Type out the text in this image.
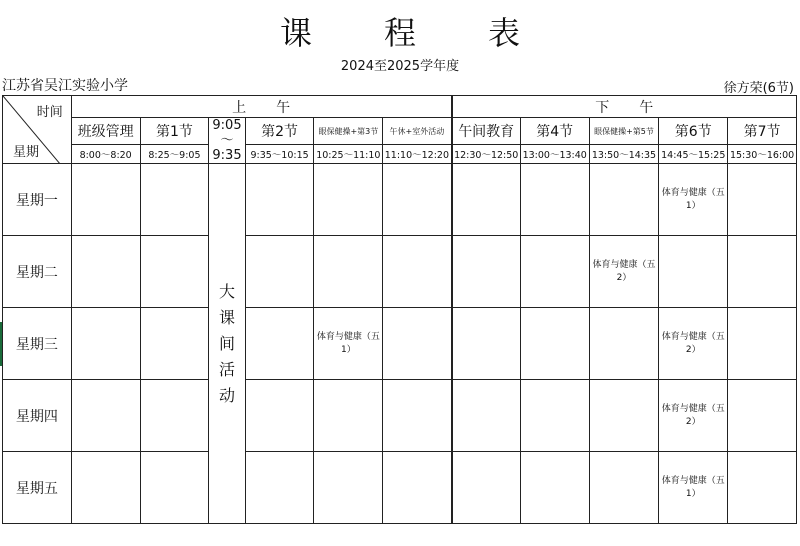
课程表
2024至2025学年度
江苏省吴江实验小学	徐方荣(6节)
时间
星期	上午						下午				
	班级管理	第1节	9:05 ～ 9:35	第2节	眼保健操+第3节	午休+室外活动	午间教育	第4节	眼保健操+第5节	第6节	第7节
	8:00～8:20	8:25～9:05		9:35～10:15	10:25～11:10	11:10～12:20	12:30～12:50	13:00～13:40	13:50～14:35	14:45～15:25	15:30～16:00
星期一			大 课 间 活 动							体育与健康（五1）	
星期二									体育与健康（五2）		
星期三					体育与健康（五1）					体育与健康（五2）	
星期四										体育与健康（五2）	
星期五										体育与健康（五1）	
